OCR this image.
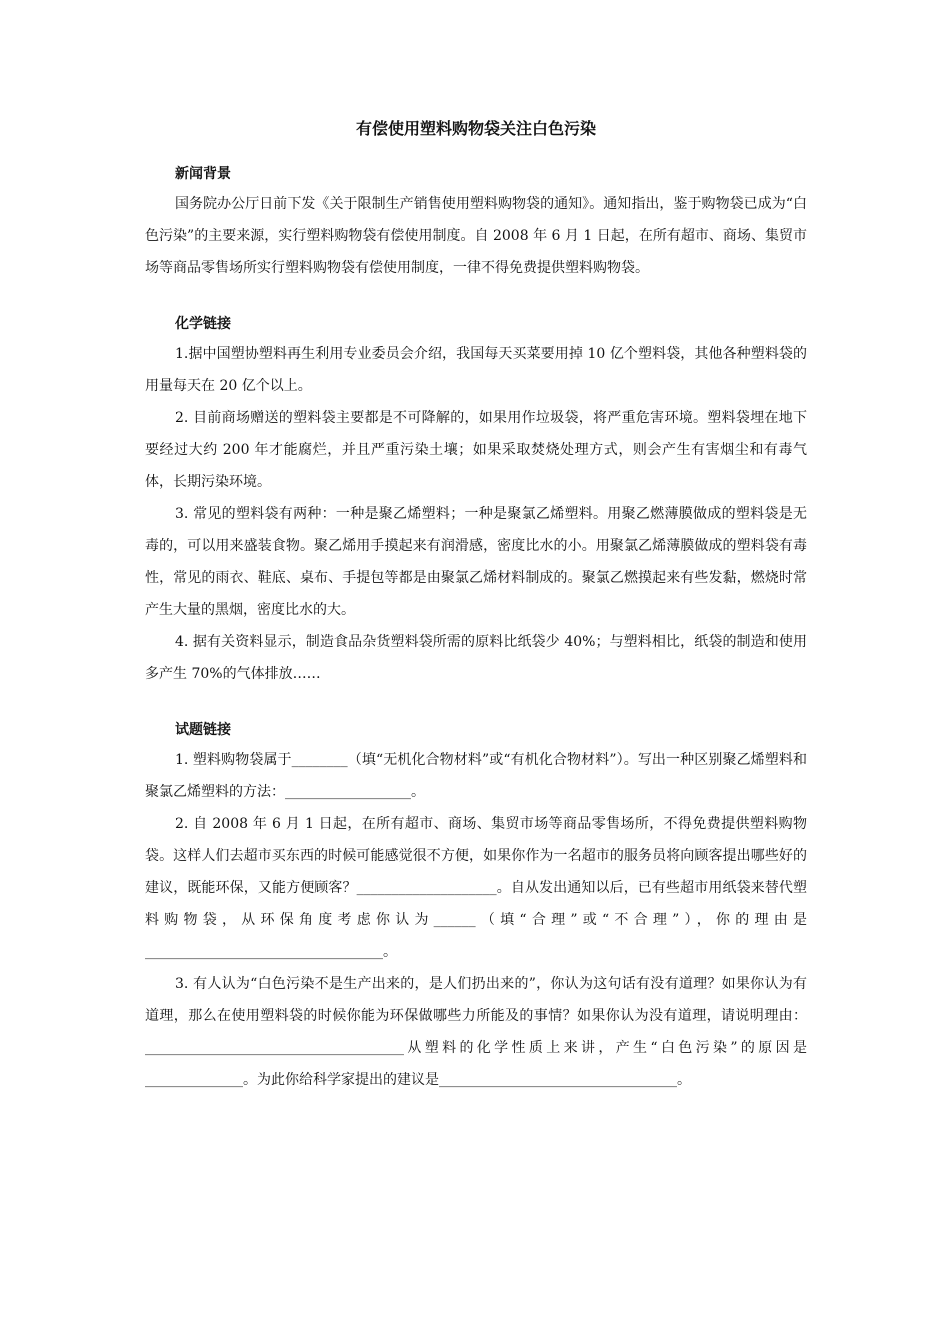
有偿使用塑料购物袋关注白色污染
新闻背景

国务院办公厅日前下发《关于限制生产销售使用塑料购物袋的通知》。通知指出，鉴于购物袋已成为“白色污染”的主要来源，实行塑料购物袋有偿使用制度。自 2008 年 6 月 1 日起，在所有超市、商场、集贸市场等商品零售场所实行塑料购物袋有偿使用制度，一律不得免费提供塑料购物袋。

化学链接

1.据中国塑协塑料再生利用专业委员会介绍，我国每天买菜要用掉 10 亿个塑料袋，其他各种塑料袋的用量每天在 20 亿个以上。

2. 目前商场赠送的塑料袋主要都是不可降解的，如果用作垃圾袋，将严重危害环境。塑料袋埋在地下要经过大约 200 年才能腐烂，并且严重污染土壤；如果采取焚烧处理方式，则会产生有害烟尘和有毒气体，长期污染环境。

3. 常见的塑料袋有两种：一种是聚乙烯塑料；一种是聚氯乙烯塑料。用聚乙燃薄膜做成的塑料袋是无毒的，可以用来盛装食物。聚乙烯用手摸起来有润滑感，密度比水的小。用聚氯乙烯薄膜做成的塑料袋有毒性，常见的雨衣、鞋底、桌布、手提包等都是由聚氯乙烯材料制成的。聚氯乙燃摸起来有些发黏，燃烧时常产生大量的黑烟，密度比水的大。

4. 据有关资料显示，制造食品杂货塑料袋所需的原料比纸袋少 40%；与塑料相比，纸袋的制造和使用多产生 70%的气体排放……

试题链接

1. 塑料购物袋属于________（填“无机化合物材料”或“有机化合物材料”）。写出一种区别聚乙烯塑料和聚氯乙烯塑料的方法：__________________。

2. 自 2008 年 6 月 1 日起，在所有超市、商场、集贸市场等商品零售场所，不得免费提供塑料购物袋。这样人们去超市买东西的时候可能感觉很不方便，如果你作为一名超市的服务员将向顾客提出哪些好的建议，既能环保，又能方便顾客？____________________。自从发出通知以后，已有些超市用纸袋来替代塑料购物袋，从环保角度考虑你认为______（填“合理”或“不合理”），你的理由是__________________________________。

3. 有人认为“白色污染不是生产出来的，是人们扔出来的”，你认为这句话有没有道理？如果你认为有道理，那么在使用塑料袋的时候你能为环保做哪些力所能及的事情？如果你认为没有道理，请说明理由：_____________________________________从塑料的化学性质上来讲，产生“白色污染”的原因是______________。为此你给科学家提出的建议是__________________________________。
